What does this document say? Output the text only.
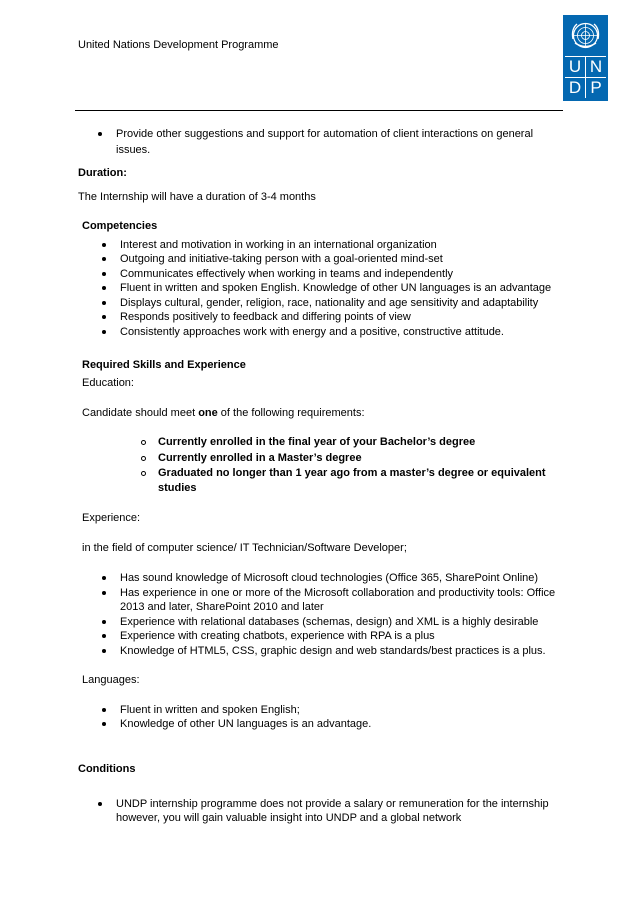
United Nations Development Programme
U N
D P
Provide other suggestions and support for automation of client interactions on general
issues.
Duration:
The Internship will have a duration of 3-4 months
Competencies
Interest and motivation in working in an international organization
Outgoing and initiative-taking person with a goal-oriented mind-set
Communicates effectively when working in teams and independently
Fluent in written and spoken English. Knowledge of other UN languages is an advantage
Displays cultural, gender, religion, race, nationality and age sensitivity and adaptability
Responds positively to feedback and differing points of view
Consistently approaches work with energy and a positive, constructive attitude.
Required Skills and Experience
Education:
Candidate should meet one of the following requirements:
Currently enrolled in the final year of your Bachelor’s degree
Currently enrolled in a Master’s degree
Graduated no longer than 1 year ago from a master’s degree or equivalent
studies
Experience:
in the field of computer science/ IT Technician/Software Developer;
Has sound knowledge of Microsoft cloud technologies (Office 365, SharePoint Online)
Has experience in one or more of the Microsoft collaboration and productivity tools: Office
2013 and later, SharePoint 2010 and later
Experience with relational databases (schemas, design) and XML is a highly desirable
Experience with creating chatbots, experience with RPA is a plus
Knowledge of HTML5, CSS, graphic design and web standards/best practices is a plus.
Languages:
Fluent in written and spoken English;
Knowledge of other UN languages is an advantage.
Conditions
UNDP internship programme does not provide a salary or remuneration for the internship
however, you will gain valuable insight into UNDP and a global network
